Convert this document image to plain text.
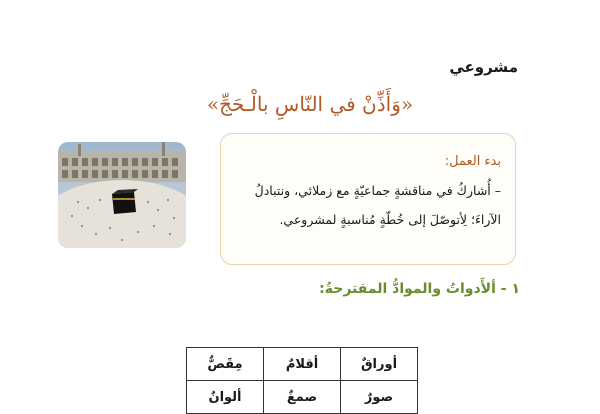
مشروعي
«وَأَذِّنْ في النّاسِ بالْـحَجِّ»
بدء العمل:
– أُشاركُ في مناقشةٍ جماعيّةٍ مع زملائي، ونتبادلُ
الآراءَ؛ لِأتوصّلَ إلى خُطّةٍ مُناسبةٍ لمشروعي.
١ - ألأَدواتُ والموادُّ المقترحةُ:
أوراقٌ	أقلامٌ	مِقَصٌّ
صورٌ	صمغٌ	ألوانٌ
